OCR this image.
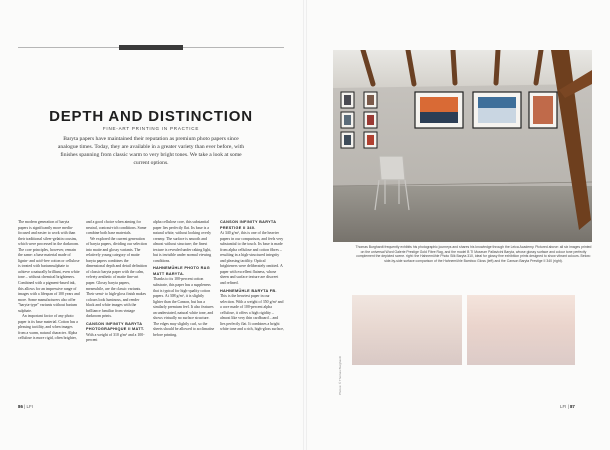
DEPTH AND DISTINCTION
FINE-ART PRINTING IN PRACTICE
Baryta papers have maintained their reputation as premium photo papers since analogue times. Today, they are available in a greater variety than ever before, with finishes spanning from classic warm to very bright tones. We take a look at some current options.

The modern generation of baryta papers is significantly more media-focused and easier to work with than their traditional silver-gelatin cousins, which were processed in the darkroom. The core principles, however, remain the same: a base material made of lignin- and acid-free cotton or cellulose is treated with bariumsulphate to achieve a naturally brilliant, even white tone – without chemical brighteners. Combined with a pigment-based ink, this allows for an impressive range of images with a lifespan of 100 years and more. Some manufacturers also offer "baryta-type" variants without barium sulphate.

An important factor of any photo paper is its base material. Cotton has a pleasing tactility, and when images from a warm, natural character. Alpha cellulose is more rigid, often brighter,

and a good choice when aiming for neutral, contrast-rich conditions. Some combine both base materials.

We explored the current generation of baryta papers, dividing our selection into matte and glossy variants. The relatively young category of matte baryta papers combines the dimensional depth and detail definition of classic baryta paper with the calm, velvety aesthetic of matte fine-art paper. Glossy baryta papers, meanwhile, are the classic variants. Their semi- to high-gloss finish makes colours look luminous, and render black and white images with the brilliance familiar from vintage darkroom prints.

CANSON INFINITY BARYTA PHOTOGRAPHIQUE II MATT.

With a weight of 310 g/m² and a 100-percent

alpha cellulose core, this substantial paper lies perfectly flat. Its base is a natural white, without looking overly creamy. The surface is smooth and almost without structure; the finest texture is revealed under raking light, but is invisible under normal viewing conditions.

HAHNEMÜHLE PHOTO RAG MATT BARYTA.

Thanks to its 100-percent cotton substrate, this paper has a suppleness that is typical for high-quality cotton papers. At 308 g/m², it is slightly lighter than the Canson, but has a similarly premium feel. It also features an understated, natural white tone, and shows virtually no surface structure. The edges may slightly curl, so the sheets should be allowed to acclimatise before printing.

CANSON INFINITY BARYTA PRESTIGE II 340.

At 340 g/m², this is one of the heavier papers in our comparison, and feels very substantial to the touch. Its base is made from alpha cellulose and cotton fibres – resulting in a high-structured integrity and pleasing tactility. Optical brighteners were deliberately omitted. A paper with excellent flatness, whose sheen and surface texture are discreet and refined.

HAHNEMÜHLE BARYTA FB.

This is the heaviest paper in our selection. With a weight of 350 g/m² and a core made of 100-percent alpha cellulose, it offers a high rigidity – almost like very thin cardboard – and lies perfectly flat. It combines a bright white tone and a rich, high-gloss surface,

86 | LFI	LFI | 87
Thomas Burghardt frequently exhibits his photographic journeys and shares his knowledge through the Leica Academy. Pictured above: all six images printed on the universal Word Galerie Prestige Gold Fibre Rag, and the model B TI Museum Pallavicini Baryta, whose glossy surface and colour tone perfectly complement the depicted scene. right: the Hahnemühle Photo Silk Baryta 310, ideal for glossy fine exhibition prints designed to show vibrant colours. Below: side-by-side surface comparison of the Hahnemühle Bamboo Gloss (left) and the Canson Baryta Prestige II 340 (right).
Photos: © Thomas Burghardt
